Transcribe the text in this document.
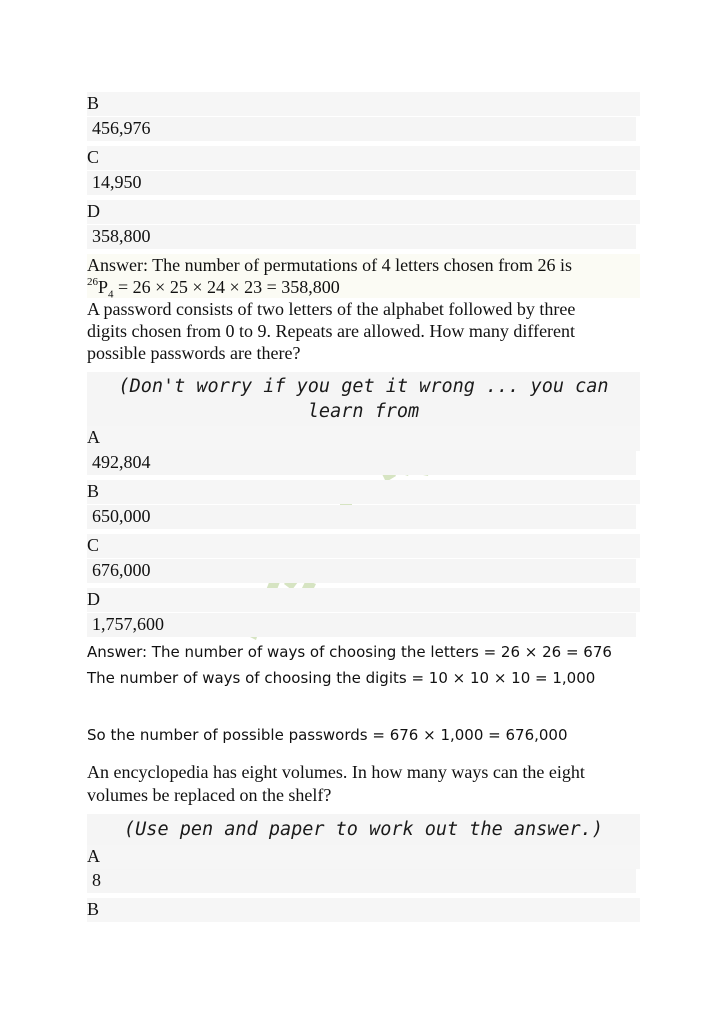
B
456,976
C
14,950
D
358,800
Answer: The number of permutations of 4 letters chosen from 26 is
$^{26}P_4 = 26 \times 25 \times 24 \times 23 = 358,800$
A password consists of two letters of the alphabet followed by three
digits chosen from 0 to 9. Repeats are allowed. How many different
possible passwords are there?
(Don't worry if you get it wrong ... you can learn from
A
492,804
B
650,000
C
676,000
D
1,757,600
Answer: The number of ways of choosing the letters = 26 × 26 = 676
The number of ways of choosing the digits = 10 × 10 × 10 = 1,000
So the number of possible passwords = 676 × 1,000 = 676,000
An encyclopedia has eight volumes. In how many ways can the eight
volumes be replaced on the shelf?
(Use pen and paper to work out the answer.)
A
8
B
